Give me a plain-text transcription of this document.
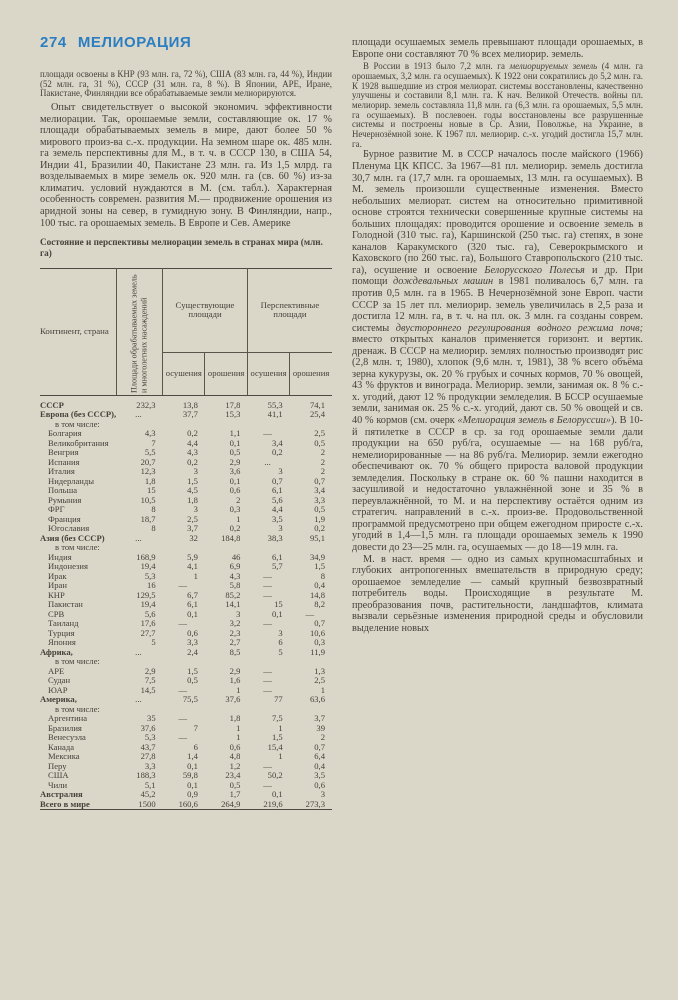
274 МЕЛИОРАЦИЯ

площади освоены в КНР (93 млн. га, 72 %), США (83 млн. га, 44 %), Индии (52 млн. га, 31 %), СССР (31 млн. га, 8 %). В Японии, АРЕ, Иране, Пакистане, Финляндии все обрабатываемые земли мелиорируются.

Опыт свидетельствует о высокой экономич. эффективности мелиорации. Так, орошаемые земли, составляющие ок. 17 % площади обрабатываемых земель в мире, дают более 50 % мирового произ-ва с.-х. продукции. На земном шаре ок. 485 млн. га земель перспективны для М., в т. ч. в СССР 130, в США 54, Индии 41, Бразилии 40, Пакистане 23 млн. га. Из 1,5 млрд. га возделываемых в мире земель ок. 920 млн. га (св. 60 %) из-за климатич. условий нуждаются в М. (см. табл.). Характерная особенность современ. развития М.— продвижение орошения из аридной зоны на север, в гумидную зону. В Финляндии, напр., 100 тыс. га орошаемых земель. В Европе и Сев. Америке

Состояние и перспективы мелиорации земель в странах мира (млн. га)
Континент, страна	Площади обрабатываемых земель и многолетних насаждений	Существующие площади		Перспективные площади	
		осушения	орошения	осушения	орошения
СССР	232,3	13,8	17,8	55,3	74,1
Европа (без СССР),	...	37,7	15,3	41,1	25,4
в том числе:					
Болгария	4,3	0,2	1,1	—	2,5
Великобритания	7	4,4	0,1	3,4	0,5
Венгрия	5,5	4,3	0,5	0,2	2
Испания	20,7	0,2	2,9	...	2
Италия	12,3	3	3,6	3	2
Нидерланды	1,8	1,5	0,1	0,7	0,7
Польша	15	4,5	0,6	6,1	3,4
Румыния	10,5	1,8	2	5,6	3,3
ФРГ	8	3	0,3	4,4	0,5
Франция	18,7	2,5	1	3,5	1,9
Югославия	8	3,7	0,2	3	0,2
Азия (без СССР)	...	32	184,8	38,3	95,1
в том числе:					
Индия	168,9	5,9	46	6,1	34,9
Индонезия	19,4	4,1	6,9	5,7	1,5
Ирак	5,3	1	4,3	—	8
Иран	16	—	5,8	—	0,4
КНР	129,5	6,7	85,2	—	14,8
Пакистан	19,4	6,1	14,1	15	8,2
СРВ	5,6	0,1	3	0,1	—
Таиланд	17,6	—	3,2	—	0,7
Турция	27,7	0,6	2,3	3	10,6
Япония	5	3,3	2,7	6	0,3
Африка,	...	2,4	8,5	5	11,9
в том числе:					
АРЕ	2,9	1,5	2,9	—	1,3
Судан	7,5	0,5	1,6	—	2,5
ЮАР	14,5	—	1	—	1
Америка,	...	75,5	37,6	77	63,6
в том числе:					
Аргентина	35	—	1,8	7,5	3,7
Бразилия	37,6	7	1	1	39
Венесуэла	5,3	—	1	1,5	2
Канада	43,7	6	0,6	15,4	0,7
Мексика	27,8	1,4	4,8	1	6,4
Перу	3,3	0,1	1,2	—	0,4
США	188,3	59,8	23,4	50,2	3,5
Чили	5,1	0,1	0,5	—	0,6
Австралия	45,2	0,9	1,7	0,1	3
Всего в мире	1500	160,6	264,9	219,6	273,3

площади осушаемых земель превышают площади орошаемых, в Европе они составляют 70 % всех мелиорир. земель.

В России в 1913 было 7,2 млн. га мелиорируемых земель (4 млн. га орошаемых, 3,2 млн. га осушаемых). К 1922 они сократились до 5,2 млн. га. К 1928 вышедшие из строя мелиорат. системы восстановлены, качественно улучшены и составили 8,1 млн. га. К нач. Великой Отечеств. войны пл. мелиорир. земель составляла 11,8 млн. га (6,3 млн. га орошаемых, 5,5 млн. га осушаемых). В послевоен. годы восстановлены все разрушенные системы и построены новые в Ср. Азии, Поволжье, на Украине, в Нечернозёмной зоне. К 1967 пл. мелиорир. с.-х. угодий достигла 15,7 млн. га.

Бурное развитие М. в СССР началось после майского (1966) Пленума ЦК КПСС. За 1967—81 пл. мелиорир. земель достигла 30,7 млн. га (17,7 млн. га орошаемых, 13 млн. га осушаемых). В М. земель произошли существенные изменения. Вместо небольших мелиорат. систем на относительно примитивной основе строятся технически совершенные крупные системы на больших площадях: проводится орошение и освоение земель в Голодной (310 тыс. га), Каршинской (250 тыс. га) степях, в зоне каналов Каракумского (320 тыс. га), Северокрымского и Каховского (по 260 тыс. га), Большого Ставропольского (210 тыс. га), осушение и освоение Белорусского Полесья и др. При помощи дождевальных машин в 1981 поливалось 6,7 млн. га против 0,5 млн. га в 1965. В Нечернозёмной зоне Европ. части СССР за 15 лет пл. мелиорир. земель увеличилась в 2,5 раза и достигла 12 млн. га, в т. ч. на пл. ок. 3 млн. га созданы соврем. системы двустороннего регулирования водного режима почв; вместо открытых каналов применяется горизонт. и вертик. дренаж. В СССР на мелиорир. землях полностью производят рис (2,8 млн. т, 1980), хлопок (9,6 млн. т, 1981), 38 % всего объёма зерна кукурузы, ок. 20 % грубых и сочных кормов, 70 % овощей, 43 % фруктов и винограда. Мелиорир. земли, занимая ок. 8 % с.-х. угодий, дают 12 % продукции земледелия. В БССР осушаемые земли, занимая ок. 25 % с.-х. угодий, дают св. 50 % овощей и св. 40 % кормов (см. очерк «Мелиорация земель в Белоруссии»). В 10-й пятилетке в СССР в ср. за год орошаемые земли дали продукции на 650 руб/га, осушаемые — на 168 руб/га, немелиорированные — на 86 руб/га. Мелиорир. земли ежегодно обеспечивают ок. 70 % общего прироста валовой продукции земледелия. Поскольку в стране ок. 60 % пашни находится в засушливой и недостаточно увлажнённой зоне и 35 % в переувлажнённой, то М. и на перспективу остаётся одним из стратегич. направлений в с.-х. произ-ве. Продовольственной программой предусмотрено при общем ежегодном приросте с.-х. угодий в 1,4—1,5 млн. га площади орошаемых земель к 1990 довести до 23—25 млн. га, осушаемых — до 18—19 млн. га.

М. в наст. время — одно из самых крупномасштабных и глубоких антропогенных вмешательств в природную среду; орошаемое земледелие — самый крупный безвозвратный потребитель воды. Происходящие в результате М. преобразования почв, растительности, ландшафтов, климата вызвали серьёзные изменения природной среды и обусловили выделение новых
